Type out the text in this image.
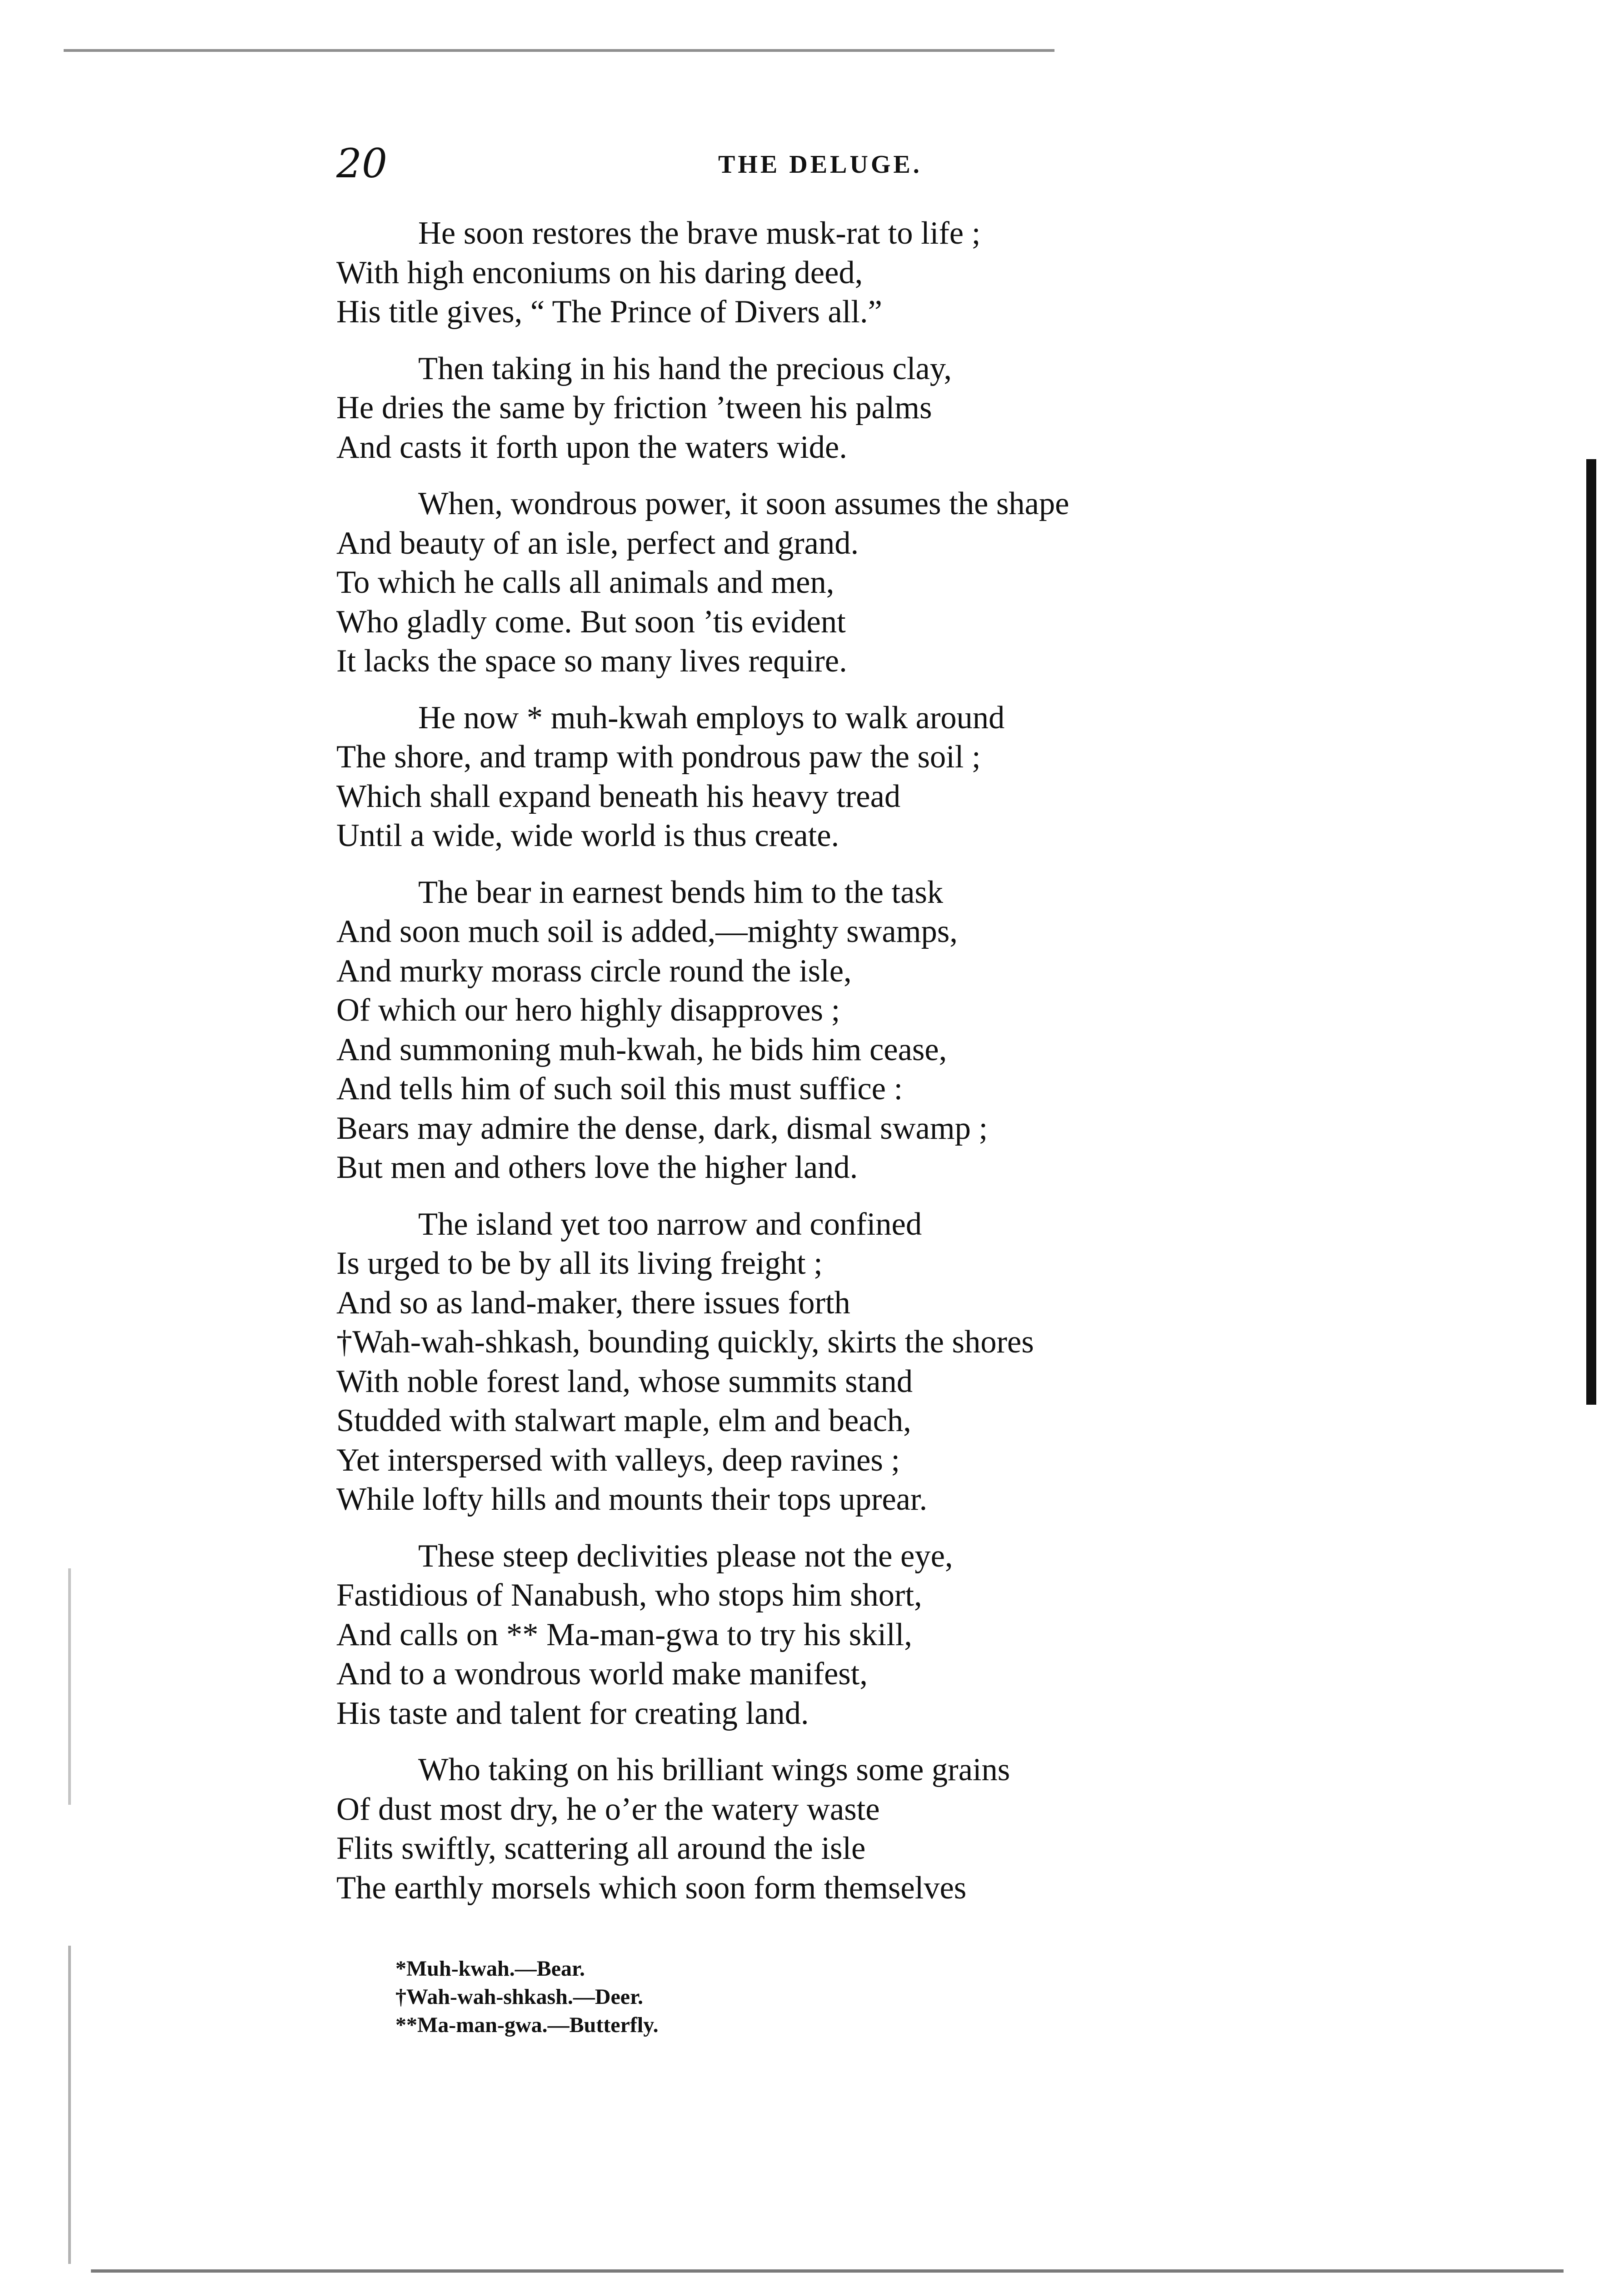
20	THE DELUGE.
He soon restores the brave musk-rat to life ;
With high enconiums on his daring deed,
His title gives, “ The Prince of Divers all.”
Then taking in his hand the precious clay,
He dries the same by friction ’tween his palms
And casts it forth upon the waters wide.
When, wondrous power, it soon assumes the shape
And beauty of an isle, perfect and grand.
To which he calls all animals and men,
Who gladly come. But soon ’tis evident
It lacks the space so many lives require.
He now * muh-kwah employs to walk around
The shore, and tramp with pondrous paw the soil ;
Which shall expand beneath his heavy tread
Until a wide, wide world is thus create.
The bear in earnest bends him to the task
And soon much soil is added,—mighty swamps,
And murky morass circle round the isle,
Of which our hero highly disapproves ;
And summoning muh-kwah, he bids him cease,
And tells him of such soil this must suffice :
Bears may admire the dense, dark, dismal swamp ;
But men and others love the higher land.
The island yet too narrow and confined
Is urged to be by all its living freight ;
And so as land-maker, there issues forth
†Wah-wah-shkash, bounding quickly, skirts the shores
With noble forest land, whose summits stand
Studded with stalwart maple, elm and beach,
Yet interspersed with valleys, deep ravines ;
While lofty hills and mounts their tops uprear.
These steep declivities please not the eye,
Fastidious of Nanabush, who stops him short,
And calls on ** Ma-man-gwa to try his skill,
And to a wondrous world make manifest,
His taste and talent for creating land.
Who taking on his brilliant wings some grains
Of dust most dry, he o’er the watery waste
Flits swiftly, scattering all around the isle
The earthly morsels which soon form themselves
*Muh-kwah.—Bear.
†Wah-wah-shkash.—Deer.
**Ma-man-gwa.—Butterfly.
